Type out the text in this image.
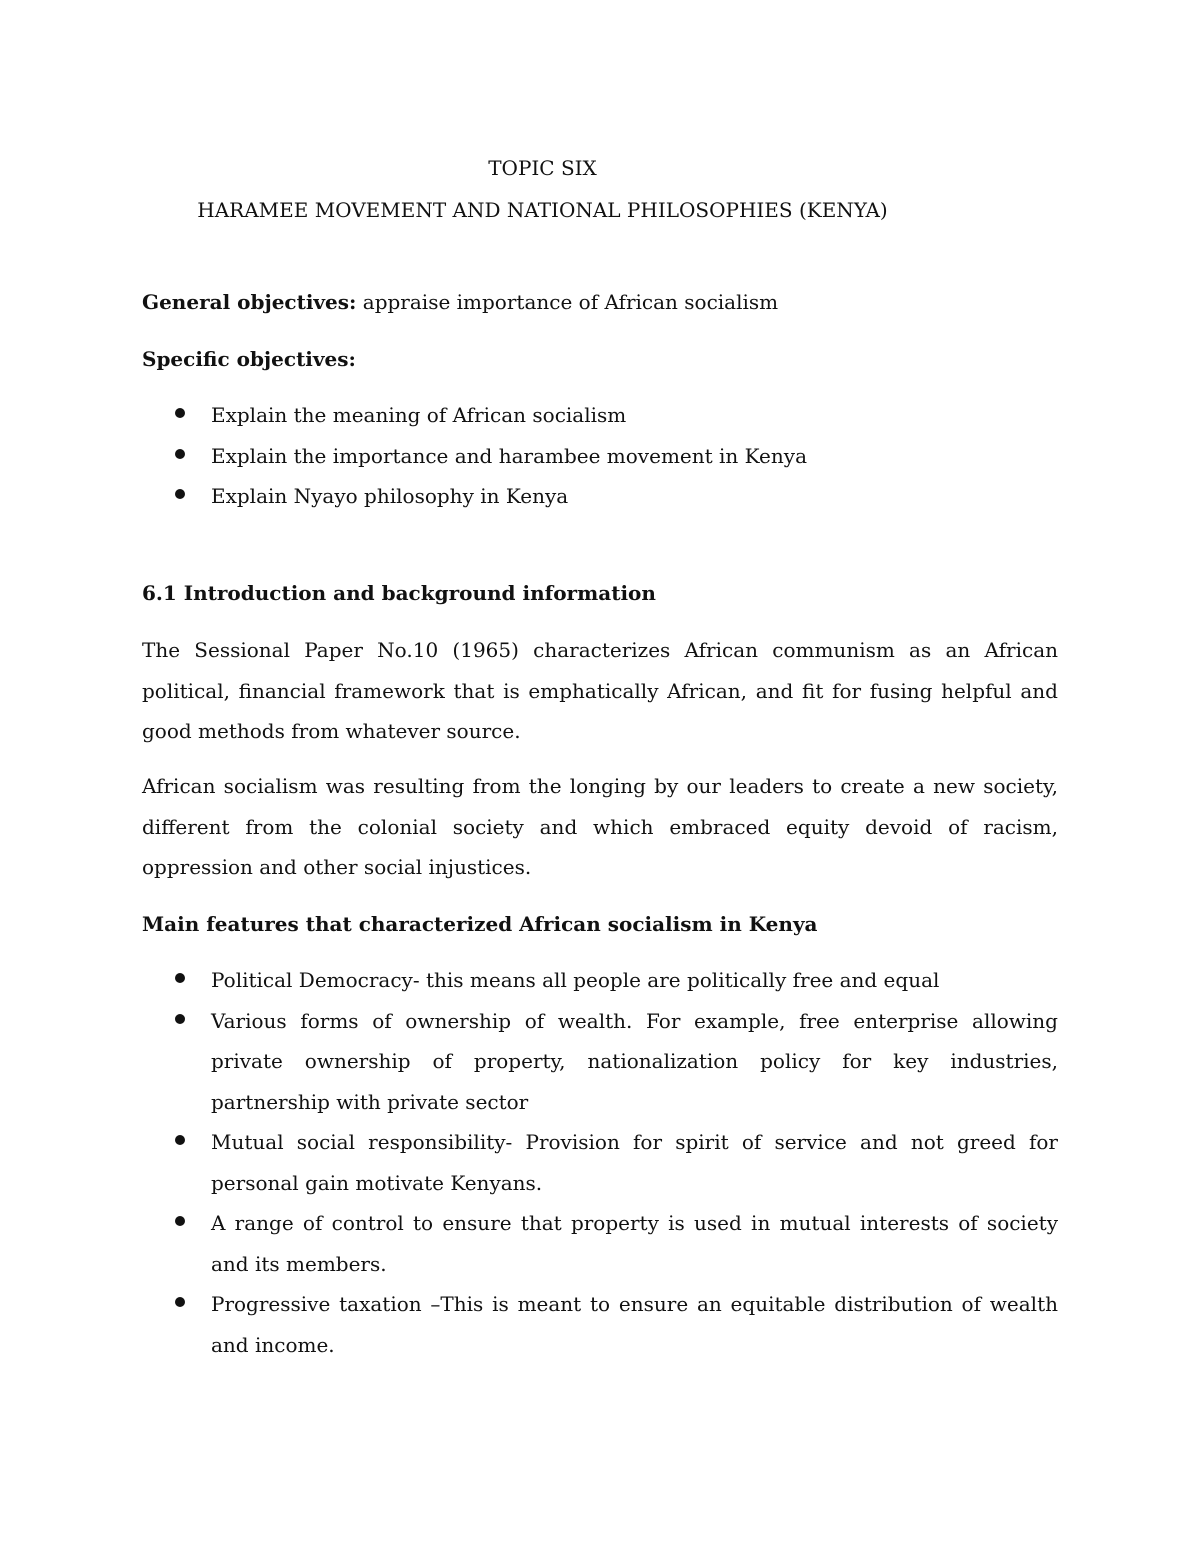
TOPIC SIX
HARAMEE MOVEMENT AND NATIONAL PHILOSOPHIES (KENYA)
General objectives: appraise importance of African socialism
Specific objectives:
Explain the meaning of African socialism
Explain the importance and harambee movement in Kenya
Explain Nyayo philosophy in Kenya
6.1 Introduction and background information

The Sessional Paper No.10 (1965) characterizes African communism as an African political, financial framework that is emphatically African, and fit for fusing helpful and good methods from whatever source.

African socialism was resulting from the longing by our leaders to create a new society, different from the colonial society and which embraced equity devoid of racism, oppression and other social injustices.

Main features that characterized African socialism in Kenya
Political Democracy- this means all people are politically free and equal
Various forms of ownership of wealth. For example, free enterprise allowing private ownership of property, nationalization policy for key industries, partnership with private sector
Mutual social responsibility- Provision for spirit of service and not greed for personal gain motivate Kenyans.
A range of control to ensure that property is used in mutual interests of society and its members.
Progressive taxation –This is meant to ensure an equitable distribution of wealth and income.
